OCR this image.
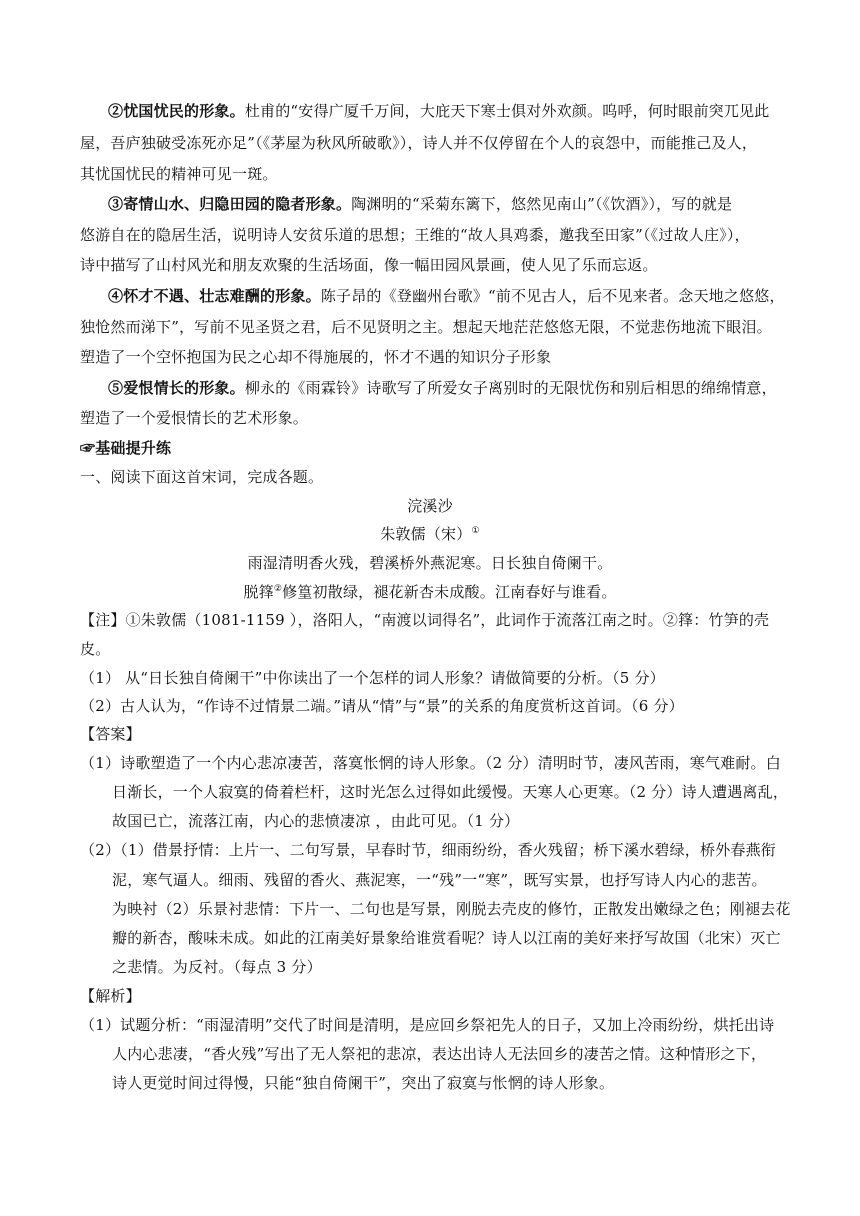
②忧国忧民的形象。杜甫的“安得广厦千万间，大庇天下寒士俱对外欢颜。呜呼，何时眼前突兀见此
屋，吾庐独破受冻死亦足”（《茅屋为秋风所破歌》），诗人并不仅停留在个人的哀怨中，而能推己及人，
其忧国忧民的精神可见一斑。
③寄情山水、归隐田园的隐者形象。陶渊明的“采菊东篱下，悠然见南山”（《饮酒》），写的就是
悠游自在的隐居生活，说明诗人安贫乐道的思想；王维的“故人具鸡黍，邀我至田家”（《过故人庄》），
诗中描写了山村风光和朋友欢聚的生活场面，像一幅田园风景画，使人见了乐而忘返。
④怀才不遇、壮志难酬的形象。陈子昂的《登幽州台歌》“前不见古人，后不见来者。念天地之悠悠，
独怆然而涕下”，写前不见圣贤之君，后不见贤明之主。想起天地茫茫悠悠无限，不觉悲伤地流下眼泪。
塑造了一个空怀抱国为民之心却不得施展的，怀才不遇的知识分子形象
⑤爱恨情长的形象。柳永的《雨霖铃》诗歌写了所爱女子离别时的无限忧伤和别后相思的绵绵情意，
塑造了一个爱恨情长的艺术形象。
☞基础提升练
一、阅读下面这首宋词，完成各题。
浣溪沙
朱敦儒（宋）①
雨湿清明香火残，碧溪桥外燕泥寒。日长独自倚阑干。
脱箨②修篁初散绿，褪花新杏未成酸。江南春好与谁看。
【注】①朱敦儒（1081-1159 ），洛阳人，“南渡以词得名”，此词作于流落江南之时。②箨：竹笋的壳
皮。
（1） 从“日长独自倚阑干”中你读出了一个怎样的词人形象？请做简要的分析。（5 分）
（2）古人认为，“作诗不过情景二端。”请从“情”与“景”的关系的角度赏析这首词。（6 分）
【答案】
（1）诗歌塑造了一个内心悲凉凄苦，落寞怅惘的诗人形象。（2 分）清明时节，凄风苦雨，寒气难耐。白
日渐长，一个人寂寞的倚着栏杆，这时光怎么过得如此缓慢。天寒人心更寒。（2 分）诗人遭遇离乱，
故国已亡，流落江南，内心的悲愤凄凉 ，由此可见。（1 分）
（2）（1）借景抒情：上片一、二句写景，早春时节，细雨纷纷，香火残留；桥下溪水碧绿，桥外春燕衔
泥，寒气逼人。细雨、残留的香火、燕泥寒，一“残”一“寒”，既写实景，也抒写诗人内心的悲苦。
为映衬（2）乐景衬悲情：下片一、二句也是写景，刚脱去壳皮的修竹，正散发出嫩绿之色；刚褪去花
瓣的新杏，酸味未成。如此的江南美好景象给谁赏看呢？诗人以江南的美好来抒写故国（北宋）灭亡
之悲情。为反衬。（每点 3 分）
【解析】
（1）试题分析：“雨湿清明”交代了时间是清明，是应回乡祭祀先人的日子，又加上冷雨纷纷，烘托出诗
人内心悲凄，“香火残”写出了无人祭祀的悲凉，表达出诗人无法回乡的凄苦之情。这种情形之下，
诗人更觉时间过得慢，只能“独自倚阑干”，突出了寂寞与怅惘的诗人形象。
